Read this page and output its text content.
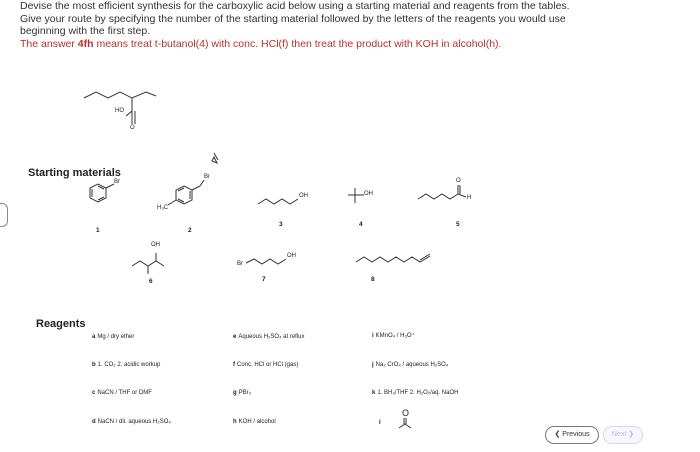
Devise the most efficient synthesis for the carboxylic acid below using a starting material and reagents from the tables.
Give your route by specifying the number of the starting material followed by the letters of the reagents you would use
beginning with the first step.
The answer 4fh means treat t-butanol(4) with conc. HCl(f) then treat the product with KOH in alcohol(h).
HO
O
Starting materials
Br
1
H₃C
Br
2
OH
3
OH
4
O
H
5
OH
6
Br
OH
7	8
Reagents
a Mg / dry ether
b 1. CO₂ 2. acidic workup
c NaCN / THF or DMF
d NaCN / dil. aqueous H₂SO₄
e Aqueous H₂SO₄ at reflux
f Conc. HCl or HCl (gas)
g PBr₃
h KOH / alcohol
i KMnO₄ / H₃O⁺
j Na₂ CrO₄ / aqueous H₂SO₄
k 1. BH₃/THF 2. H₂O₂/aq. NaOH
l
O
❮ Previous	Next ❯
